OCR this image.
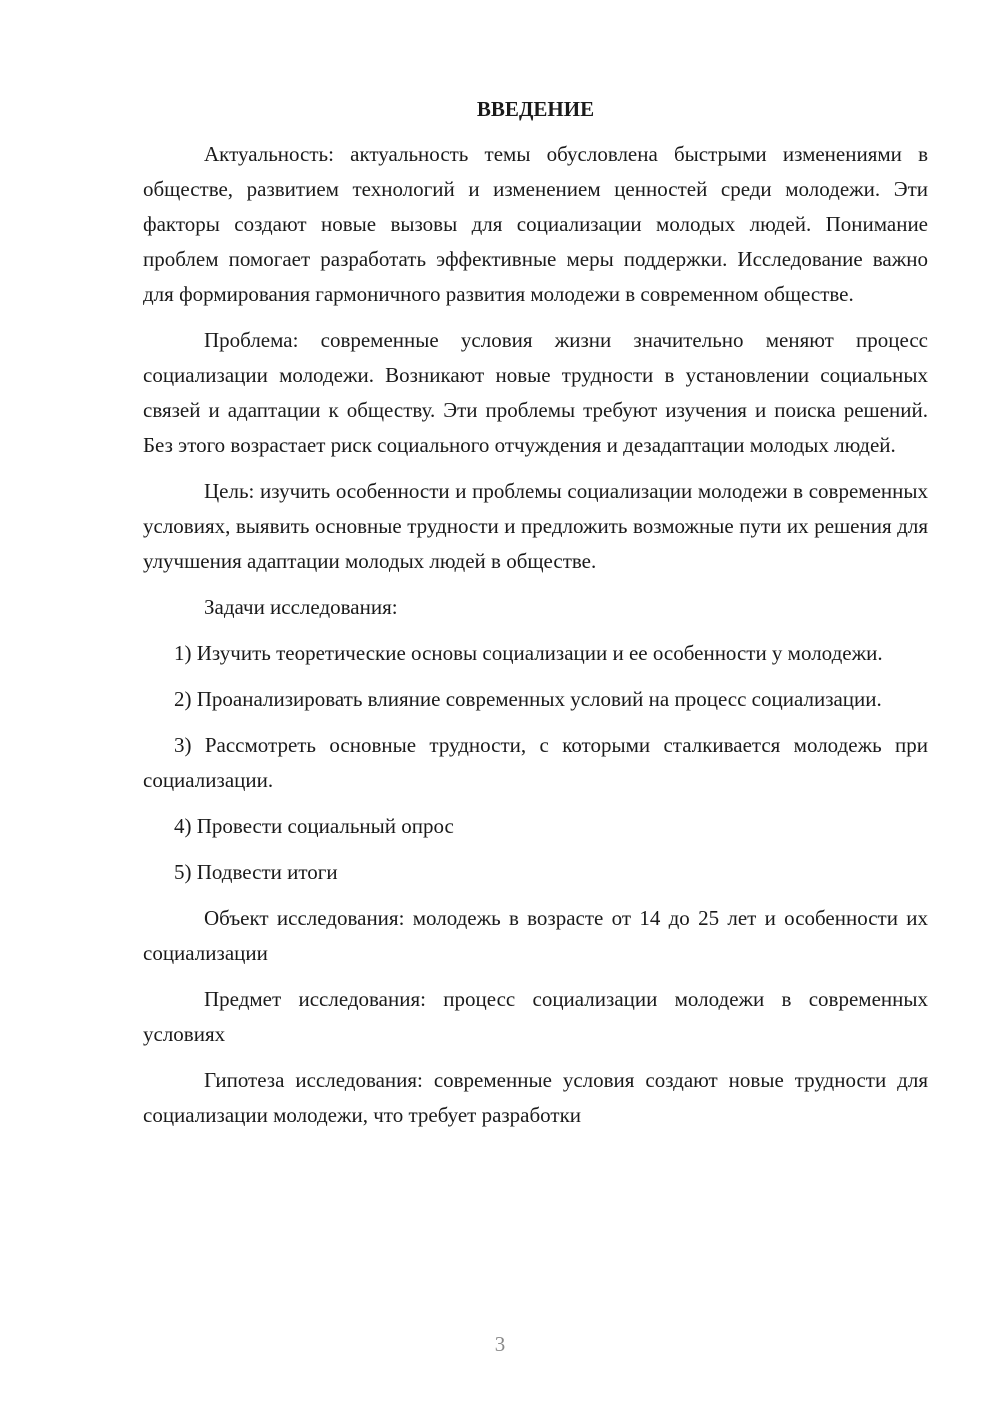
ВВЕДЕНИЕ

Актуальность: актуальность темы обусловлена быстрыми изменениями в обществе, развитием технологий и изменением ценностей среди молодежи. Эти факторы создают новые вызовы для социализации молодых людей. Понимание проблем помогает разработать эффективные меры поддержки. Исследование важно для формирования гармоничного развития молодежи в современном обществе.

Проблема: современные условия жизни значительно меняют процесс социализации молодежи. Возникают новые трудности в установлении социальных связей и адаптации к обществу. Эти проблемы требуют изучения и поиска решений. Без этого возрастает риск социального отчуждения и дезадаптации молодых людей.

Цель: изучить особенности и проблемы социализации молодежи в современных условиях, выявить основные трудности и предложить возможные пути их решения для улучшения адаптации молодых людей в обществе.

Задачи исследования:

1) Изучить теоретические основы социализации и ее особенности у молодежи.

2) Проанализировать влияние современных условий на процесс социализации.

3) Рассмотреть основные трудности, с которыми сталкивается молодежь при социализации.

4) Провести социальный опрос

5) Подвести итоги

Объект исследования: молодежь в возрасте от 14 до 25 лет и особенности их социализации

Предмет исследования: процесс социализации молодежи в современных условиях

Гипотеза исследования: современные условия создают новые трудности для социализации молодежи, что требует разработки

3
